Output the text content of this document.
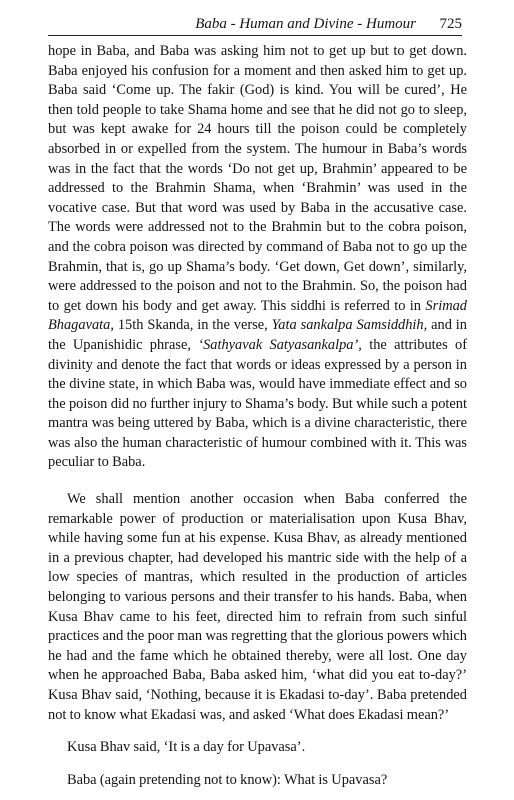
Baba - Human and Divine - Humour 725

hope in Baba, and Baba was asking him not to get up but to get down. Baba enjoyed his confusion for a moment and then asked him to get up. Baba said ‘Come up. The fakir (God) is kind. You will be cured’, He then told people to take Shama home and see that he did not go to sleep, but was kept awake for 24 hours till the poison could be completely absorbed in or expelled from the system. The humour in Baba’s words was in the fact that the words ‘Do not get up, Brahmin’ appeared to be addressed to the Brahmin Shama, when ‘Brahmin’ was used in the vocative case. But that word was used by Baba in the accusative case. The words were addressed not to the Brahmin but to the cobra poison, and the cobra poison was directed by command of Baba not to go up the Brahmin, that is, go up Shama’s body. ‘Get down, Get down’, similarly, were addressed to the poison and not to the Brahmin. So, the poison had to get down his body and get away. This siddhi is referred to in Srimad Bhagavata, 15th Skanda, in the verse, Yata sankalpa Samsiddhih, and in the Upanishidic phrase, ‘Sathyavak Satyasankalpa’, the attributes of divinity and denote the fact that words or ideas expressed by a person in the divine state, in which Baba was, would have immediate effect and so the poison did no further injury to Shama’s body. But while such a potent mantra was being uttered by Baba, which is a divine characteristic, there was also the human characteristic of humour combined with it. This was peculiar to Baba.

We shall mention another occasion when Baba conferred the remarkable power of production or materialisation upon Kusa Bhav, while having some fun at his expense. Kusa Bhav, as already mentioned in a previous chapter, had developed his mantric side with the help of a low species of mantras, which resulted in the production of articles belonging to various persons and their transfer to his hands. Baba, when Kusa Bhav came to his feet, directed him to refrain from such sinful practices and the poor man was regretting that the glorious powers which he had and the fame which he obtained thereby, were all lost. One day when he approached Baba, Baba asked him, ‘what did you eat to-day?’ Kusa Bhav said, ‘Nothing, because it is Ekadasi to-day’. Baba pretended not to know what Ekadasi was, and asked ‘What does Ekadasi mean?’

Kusa Bhav said, ‘It is a day for Upavasa’.

Baba (again pretending not to know): What is Upavasa?
